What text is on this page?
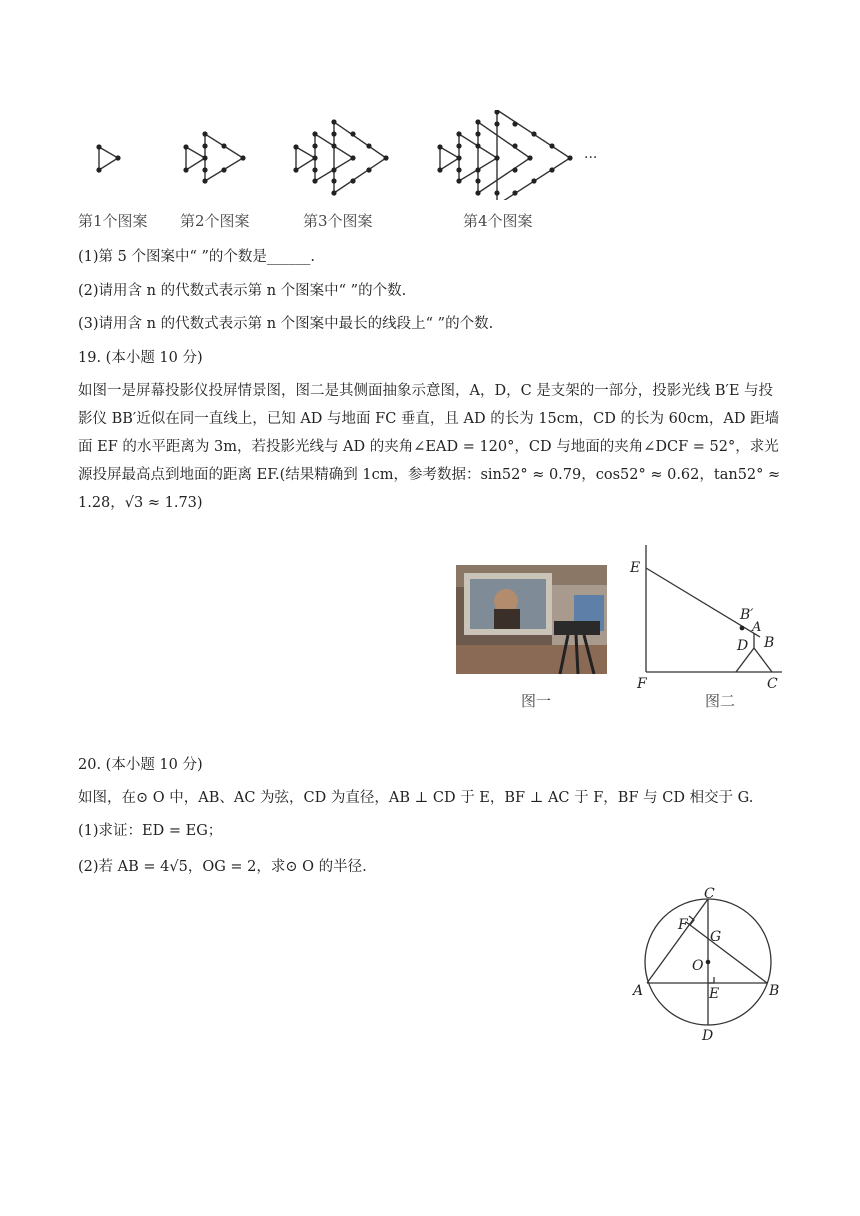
···
第1个图案 第2个图案	第3个图案	第4个图案
(1)第 5 个图案中“ ”的个数是______.
(2)请用含 n 的代数式表示第 n 个图案中“ ”的个数.
(3)请用含 n 的代数式表示第 n 个图案中最长的线段上“ ”的个数.
19. (本小题 10 分)
如图一是屏幕投影仪投屏情景图，图二是其侧面抽象示意图，A，D，C 是支架的一部分，投影光线 B′E 与投影仪 BB′近似在同一直线上，已知 AD 与地面 FC 垂直，且 AD 的长为 15cm，CD 的长为 60cm，AD 距墙面 EF 的水平距离为 3m，若投影光线与 AD 的夹角∠EAD = 120°，CD 与地面的夹角∠DCF = 52°，求光源投屏最高点到地面的距离 EF.(结果精确到 1cm，参考数据：sin52° ≈ 0.79，cos52° ≈ 0.62，tan52° ≈ 1.28，√3 ≈ 1.73)
图一
E
B′
A
D B
F	C
图二
20. (本小题 10 分)
如图，在⊙ O 中，AB、AC 为弦，CD 为直径，AB ⊥ CD 于 E，BF ⊥ AC 于 F，BF 与 CD 相交于 G.
(1)求证：ED = EG；
(2)若 AB = 4√5，OG = 2，求⊙ O 的半径.
C
F
G
O
A	E	B
D
